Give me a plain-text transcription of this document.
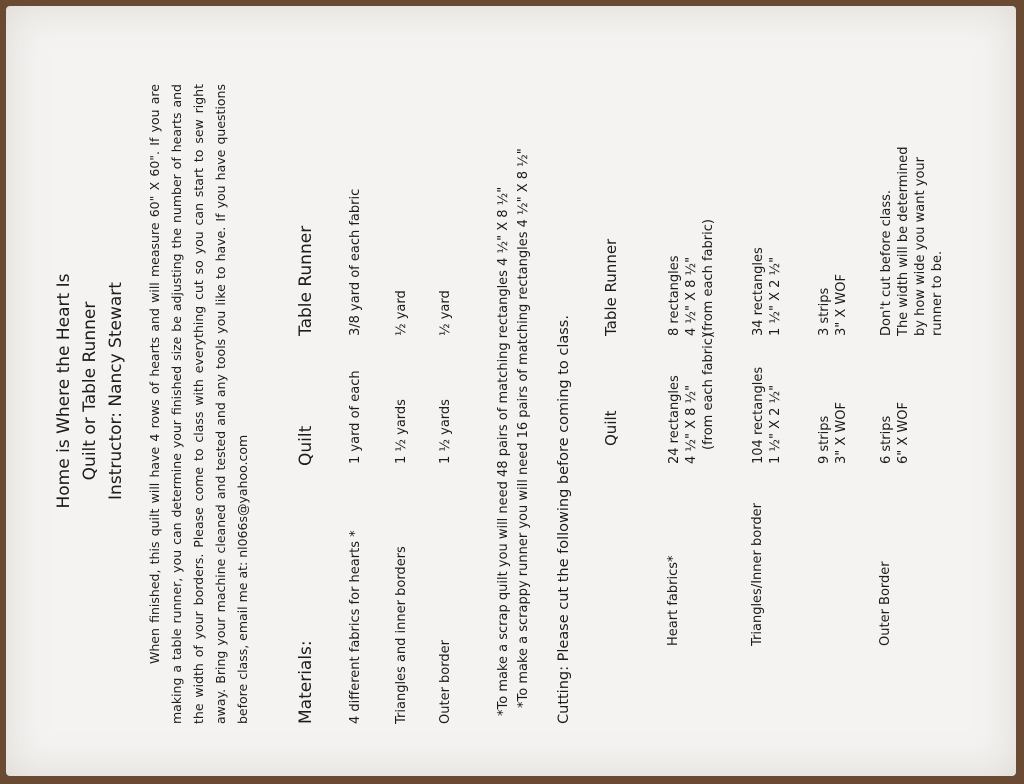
Home is Where the Heart Is Quilt or Table Runner Instructor: Nancy Stewart When finished, this quilt will have 4 rows of hearts and will measure 60" X 60". If you are making a table runner, you can determine your finished size be adjusting the number of hearts and the width of your borders. Please come to class with everything cut so you can start to sew right away. Bring your machine cleaned and tested and any tools you like to have. If you have questions before class, email me at: nl066s@yahoo.com	Materials:
Quilt
Table Runner
4 different fabrics for hearts *
1 yard of each
3/8 yard of each fabric
Triangles and inner borders
1 ½ yards
½ yard
Outer border
1 ½ yards
½ yard	*To make a scrap quilt you will need 48 pairs of matching rectangles 4 ½" X 8 ½" *To make a scrappy runner you will need 16 pairs of matching rectangles 4 ½" X 8 ½" Cutting: Please cut the following before coming to class. Quilt
Table Runner
Heart fabrics*
24 rectangles 4 ½" X 8 ½" (from each fabric)
8 rectangles 4 ½" X 8 ½" (from each fabric)
Triangles/Inner border
104 rectangles 1 ½" X 2 ½"
34 rectangles 1 ½" X 2 ½"
9 strips 3" X WOF
3 strips 3" X WOF
Outer Border
6 strips 6" X WOF
Don't cut before class. The width will be determined by how wide you want your runner to be.
